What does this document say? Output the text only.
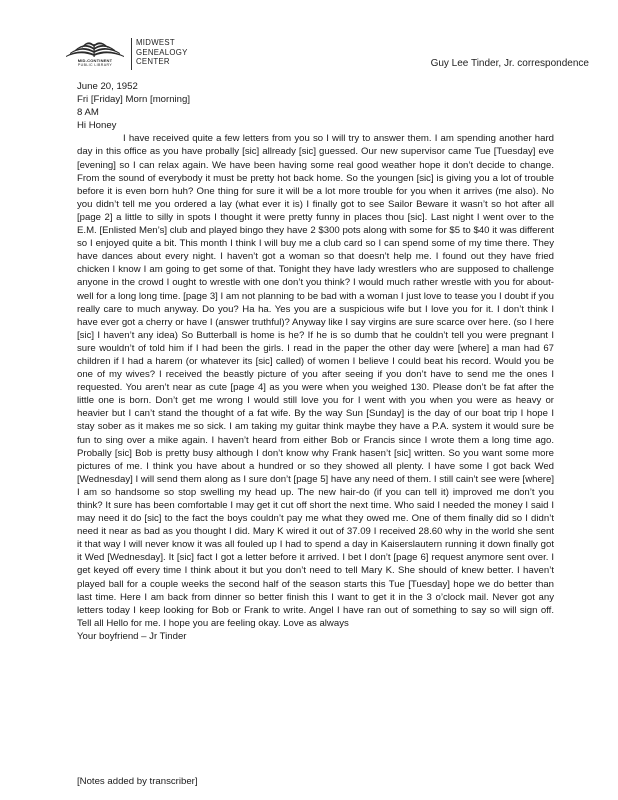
MID-CONTINENT
PUBLIC LIBRARY
MIDWEST
GENEALOGY
CENTER	Guy Lee Tinder, Jr. correspondence
June 20, 1952
Fri [Friday] Morn [morning]
8 AM
Hi Honey

I have received quite a few letters from you so I will try to answer them. I am spending another hard day in this office as you have probally [sic] allready [sic] guessed. Our new supervisor came Tue [Tuesday] eve [evening] so I can relax again. We have been having some real good weather hope it don’t decide to change. From the sound of everybody it must be pretty hot back home. So the youngen [sic] is giving you a lot of trouble before it is even born huh? One thing for sure it will be a lot more trouble for you when it arrives (me also). No you didn’t tell me you ordered a lay (what ever it is) I finally got to see Sailor Beware it wasn’t so hot after all [page 2] a little to silly in spots I thought it were pretty funny in places thou [sic]. Last night I went over to the E.M. [Enlisted Men’s] club and played bingo they have 2 $300 pots along with some for $5 to $40 it was different so I enjoyed quite a bit. This month I think I will buy me a club card so I can spend some of my time there. They have dances about every night. I haven’t got a woman so that doesn’t help me. I found out they have fried chicken I know I am going to get some of that. Tonight they have lady wrestlers who are supposed to challenge anyone in the crowd I ought to wrestle with one don’t you think? I would much rather wrestle with you for about-well for a long long time. [page 3] I am not planning to be bad with a woman I just love to tease you I doubt if you really care to much anyway. Do you? Ha ha. Yes you are a suspicious wife but I love you for it. I don’t think I have ever got a cherry or have I (answer truthful)? Anyway like I say virgins are sure scarce over here. (so I here [sic] I haven’t any idea) So Butterball is home is he? If he is so dumb that he couldn’t tell you were pregnant I sure wouldn’t of told him if I had been the girls. I read in the paper the other day were [where] a man had 67 children if I had a harem (or whatever its [sic] called) of women I believe I could beat his record. Would you be one of my wives? I received the beastly picture of you after seeing if you don’t have to send me the ones I requested. You aren’t near as cute [page 4] as you were when you weighed 130. Please don’t be fat after the little one is born. Don’t get me wrong I would still love you for I went with you when you were as heavy or heavier but I can’t stand the thought of a fat wife. By the way Sun [Sunday] is the day of our boat trip I hope I stay sober as it makes me so sick. I am taking my guitar think maybe they have a P.A. system it would sure be fun to sing over a mike again. I haven’t heard from either Bob or Francis since I wrote them a long time ago. Probally [sic] Bob is pretty busy although I don’t know why Frank hasen’t [sic] written. So you want some more pictures of me. I think you have about a hundred or so they showed all plenty. I have some I got back Wed [Wednesday] I will send them along as I sure don’t [page 5] have any need of them. I still cain’t see were [where] I am so handsome so stop swelling my head up. The new hair-do (if you can tell it) improved me don’t you think? It sure has been comfortable I may get it cut off short the next time. Who said I needed the money I said I may need it do [sic] to the fact the boys couldn’t pay me what they owed me. One of them finally did so I didn’t need it near as bad as you thought I did. Mary K wired it out of 37.09 I received 28.60 why in the world she sent it that way I will never know it was all fouled up I had to spend a day in Kaiserslautern running it down finally got it Wed [Wednesday]. It [sic] fact I got a letter before it arrived. I bet I don’t [page 6] request anymore sent over. I get keyed off every time I think about it but you don’t need to tell Mary K. She should of knew better. I haven’t played ball for a couple weeks the second half of the season starts this Tue [Tuesday] hope we do better than last time. Here I am back from dinner so better finish this I want to get it in the 3 o’clock mail. Never got any letters today I keep looking for Bob or Frank to write. Angel I have ran out of something to say so will sign off. Tell all Hello for me. I hope you are feeling okay. Love as always

Your boyfriend – Jr Tinder
[Notes added by transcriber]
